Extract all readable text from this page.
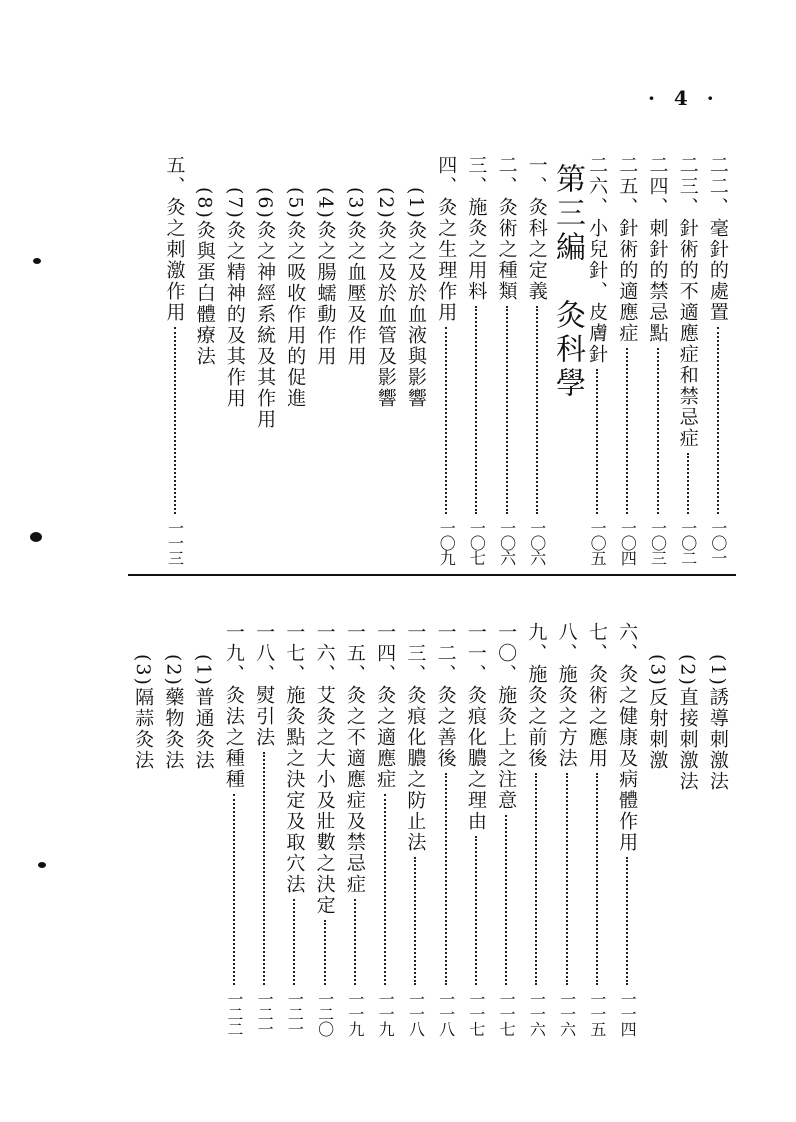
· 4 ·
二二、毫針的處置
一〇一
二三、針術的不適應症和禁忌症
一〇二
二四、刺針的禁忌點
一〇三
二五、針術的適應症
一〇四
二六、小兒針、皮膚針
一〇五
第三編　灸科學
一、灸科之定義
一〇六
二、灸術之種類
一〇六
三、施灸之用料
一〇七
四、灸之生理作用
一〇九
(1)灸之及於血液與影響
(2)灸之及於血管及影響
(3)灸之血壓及作用
(4)灸之腸蠕動作用
(5)灸之吸收作用的促進
(6)灸之神經系統及其作用
(7)灸之精神的及其作用
(8)灸與蛋白體療法
五、灸之刺激作用
一一三
(1)誘導刺激法
(2)直接刺激法
(3)反射刺激
六、灸之健康及病體作用
一一四
七、灸術之應用
一一五
八、施灸之方法
一一六
九、施灸之前後
一一六
一〇、施灸上之注意
一一七
一一、灸痕化膿之理由
一一七
一二、灸之善後
一一八
一三、灸痕化膿之防止法
一一八
一四、灸之適應症
一一九
一五、灸之不適應症及禁忌症
一一九
一六、艾灸之大小及壯數之決定
一二〇
一七、施灸點之決定及取穴法
一二一
一八、熨引法
一二一
一九、灸法之種種
一二二
(1)普通灸法
(2)藥物灸法
(3)隔蒜灸法
